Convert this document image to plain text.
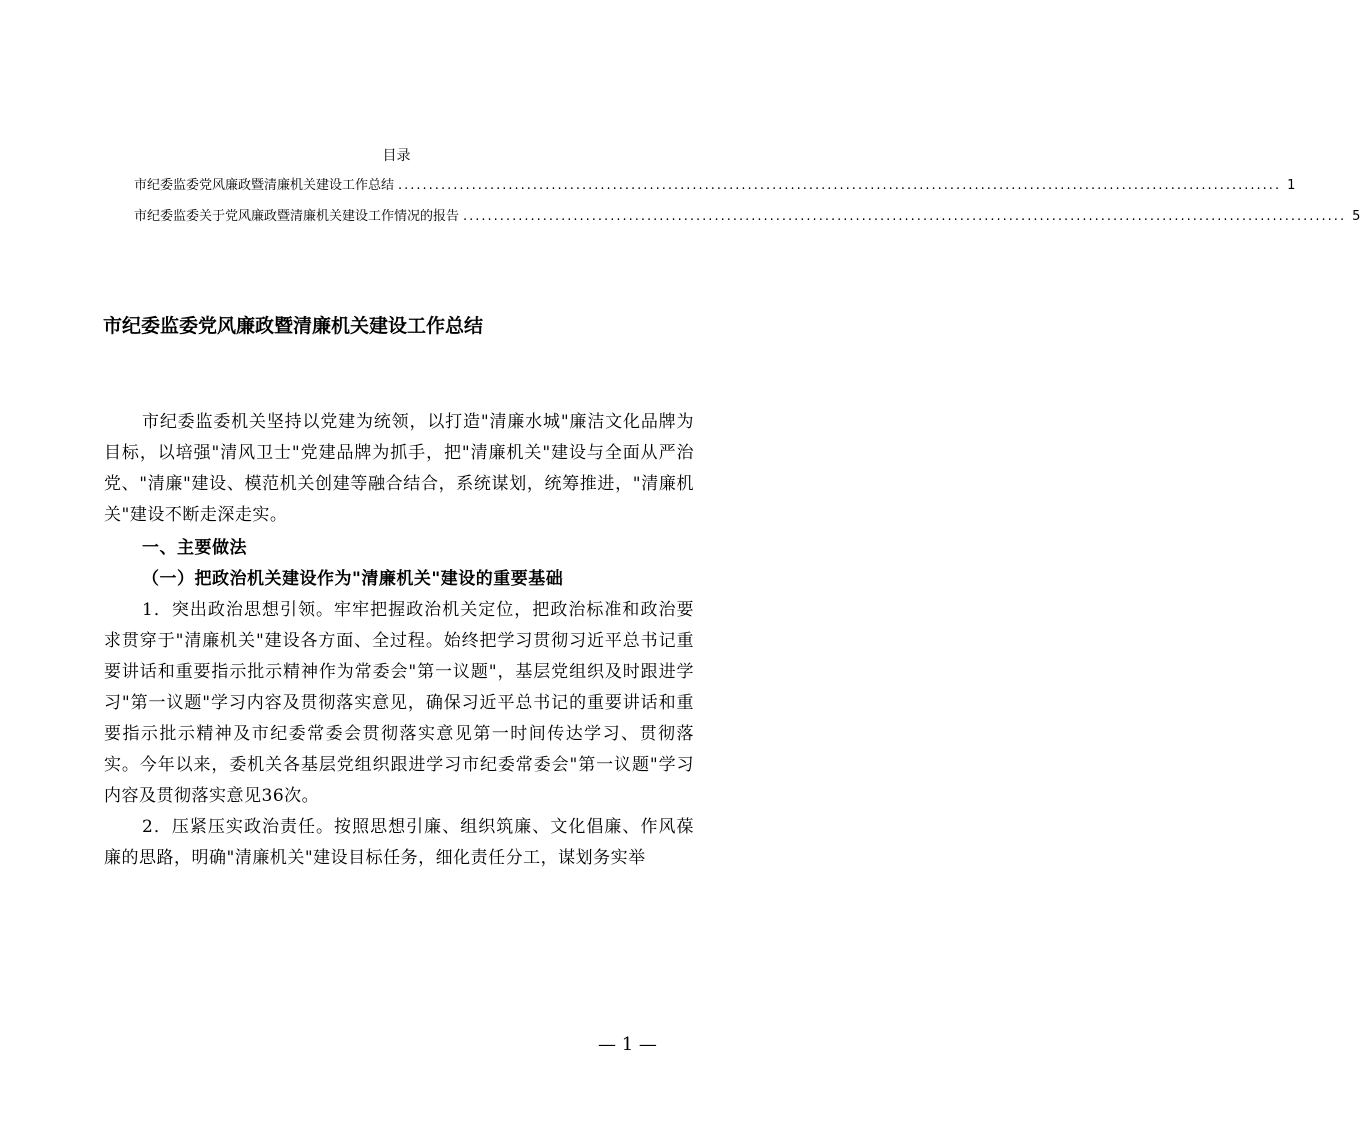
目录
市纪委监委党风廉政暨清廉机关建设工作总结 ................................................................................................................................................ 1
市纪委监委关于党风廉政暨清廉机关建设工作情况的报告 ................................................................................................................................................ 5
市纪委监委党风廉政暨清廉机关建设工作总结

市纪委监委机关坚持以党建为统领，以打造"清廉水城"廉洁文化品牌为目标，以培强"清风卫士"党建品牌为抓手，把"清廉机关"建设与全面从严治党、"清廉"建设、模范机关创建等融合结合，系统谋划，统筹推进，"清廉机关"建设不断走深走实。

一、主要做法

（一）把政治机关建设作为"清廉机关"建设的重要基础

1．突出政治思想引领。牢牢把握政治机关定位，把政治标准和政治要求贯穿于"清廉机关"建设各方面、全过程。始终把学习贯彻习近平总书记重要讲话和重要指示批示精神作为常委会"第一议题"，基层党组织及时跟进学习"第一议题"学习内容及贯彻落实意见，确保习近平总书记的重要讲话和重要指示批示精神及市纪委常委会贯彻落实意见第一时间传达学习、贯彻落实。今年以来，委机关各基层党组织跟进学习市纪委常委会"第一议题"学习内容及贯彻落实意见36次。

2．压紧压实政治责任。按照思想引廉、组织筑廉、文化倡廉、作风葆廉的思路，明确"清廉机关"建设目标任务，细化责任分工，谋划务实举

— 1 —
